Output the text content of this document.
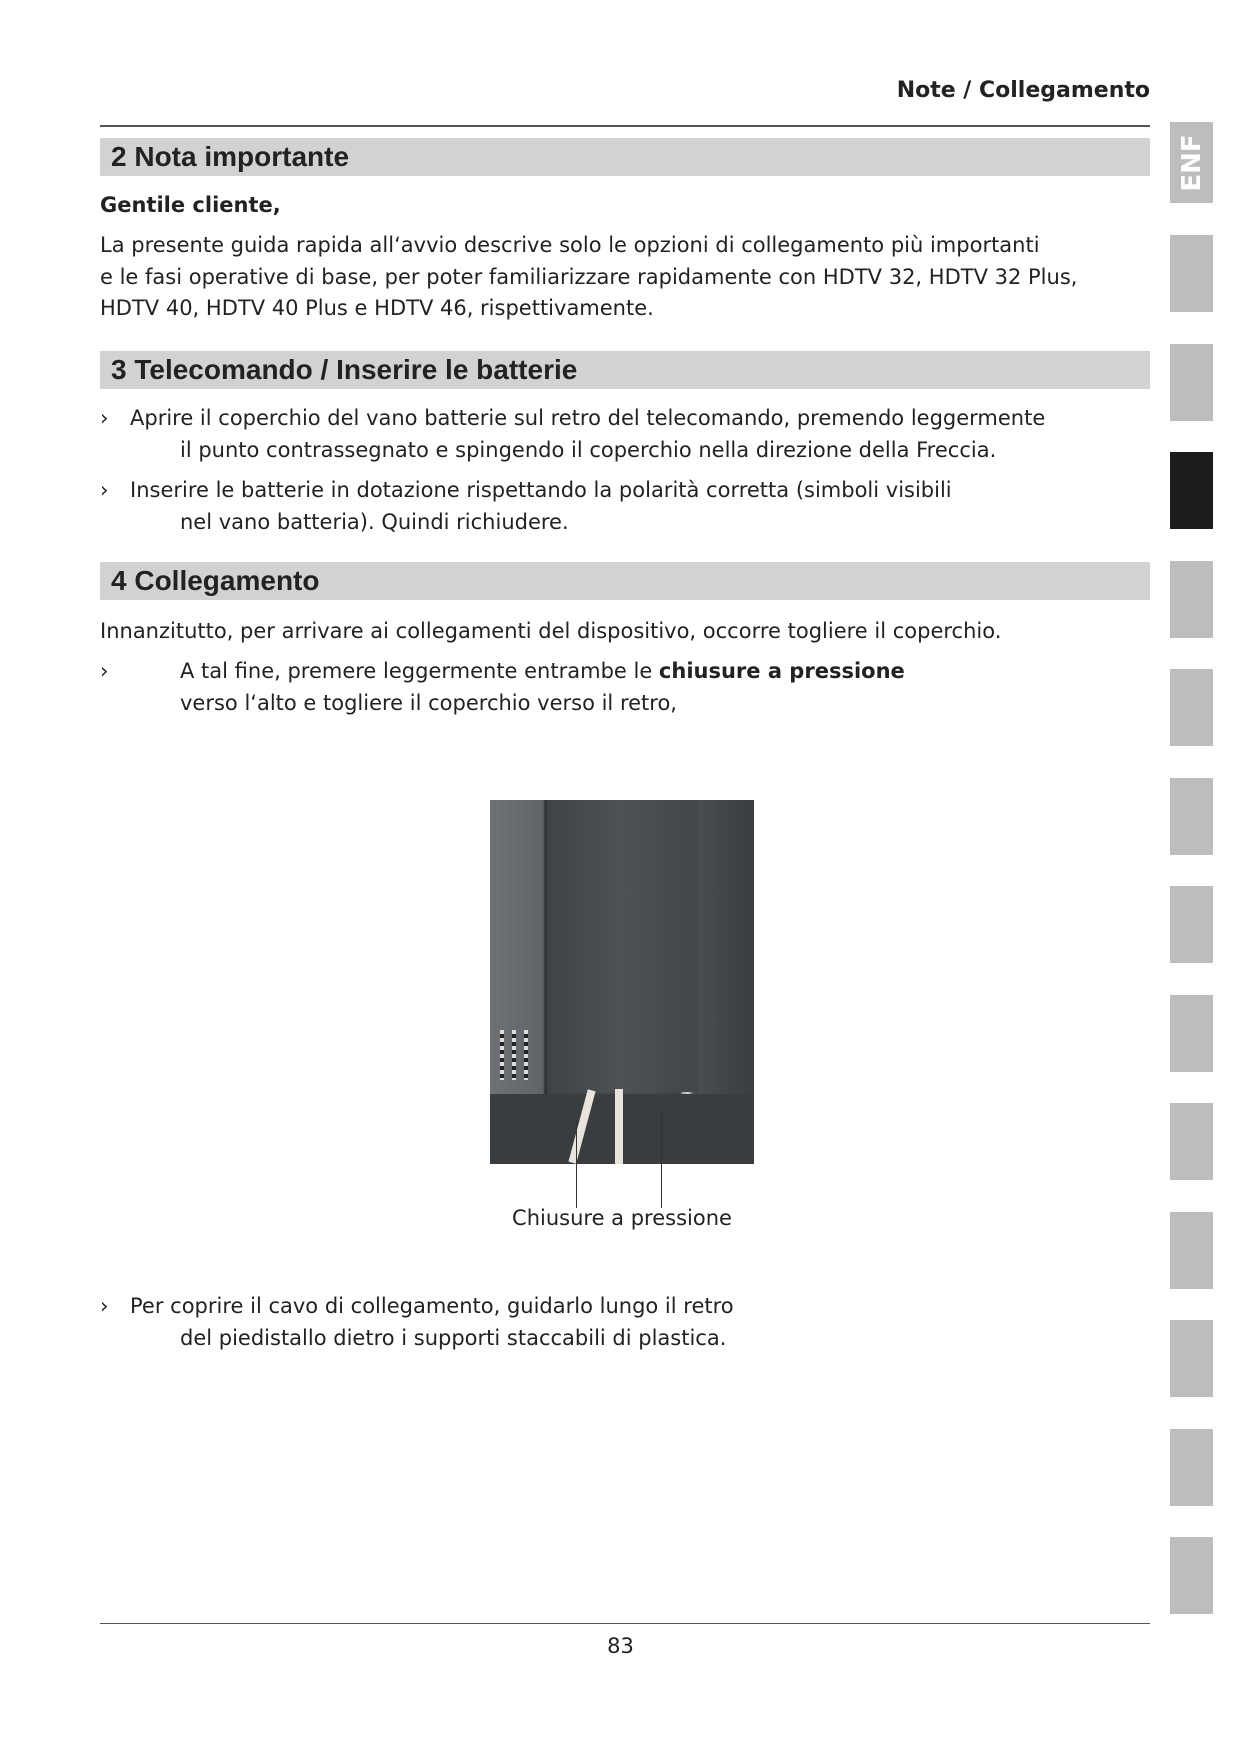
Note / Collegamento
ENF
2 Nota importante
Gentile cliente,
La presente guida rapida all‘avvio descrive solo le opzioni di collegamento più importanti
e le fasi operative di base, per poter familiarizzare rapidamente con HDTV 32, HDTV 32 Plus,
HDTV 40, HDTV 40 Plus e HDTV 46, rispettivamente.
3 Telecomando / Inserire le batterie
› Aprire il coperchio del vano batterie sul retro del telecomando, premendo leggermente
il punto contrassegnato e spingendo il coperchio nella direzione della Freccia.
› Inserire le batterie in dotazione rispettando la polarità corretta (simboli visibili
nel vano batteria). Quindi richiudere.
4 Collegamento
Innanzitutto, per arrivare ai collegamenti del dispositivo, occorre togliere il coperchio.
›	A tal fine, premere leggermente entrambe le chiusure a pressione
verso l‘alto e togliere il coperchio verso il retro,
Chiusure a pressione
› Per coprire il cavo di collegamento, guidarlo lungo il retro
del piedistallo dietro i supporti staccabili di plastica.
83
